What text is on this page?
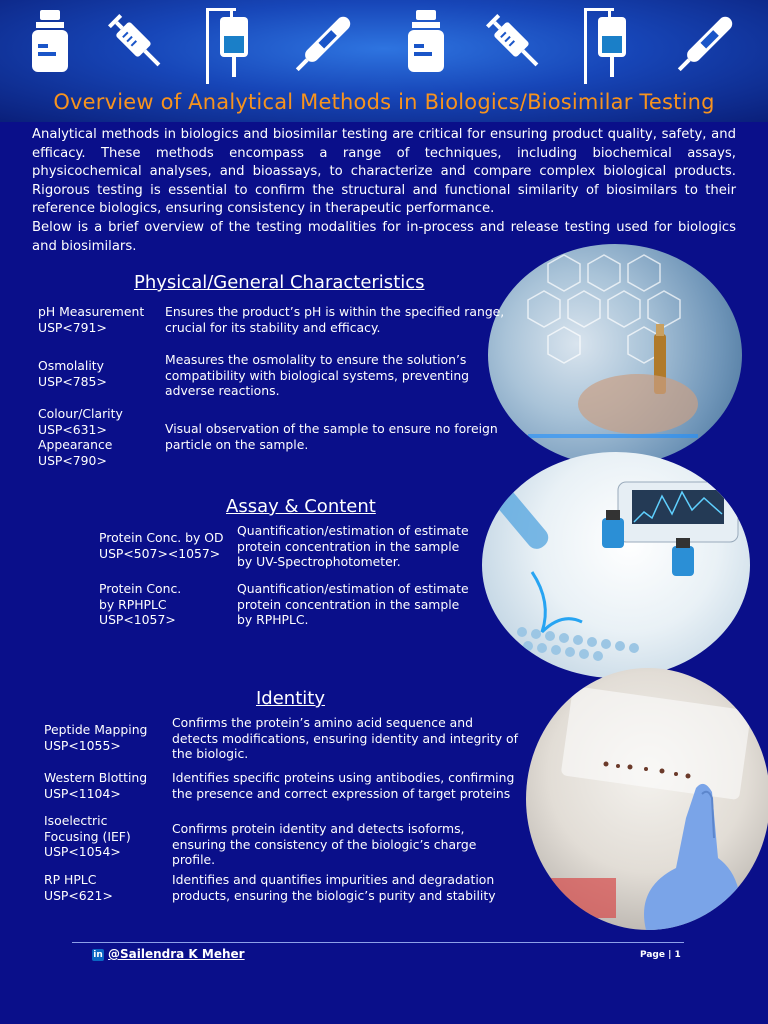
Overview of Analytical Methods in Biologics/Biosimilar Testing

Analytical methods in biologics and biosimilar testing are critical for ensuring product quality, safety, and efficacy. These methods encompass a range of techniques, including biochemical assays, physicochemical analyses, and bioassays, to characterize and compare complex biological products. Rigorous testing is essential to confirm the structural and functional similarity of biosimilars to their reference biologics, ensuring consistency in therapeutic performance.

Below is a brief overview of the testing modalities for in-process and release testing used for biologics and biosimilars.

Physical/General Characteristics
pH Measurement
USP<791>
Ensures the product’s pH is within the specified range, crucial for its stability and efficacy.
Osmolality
USP<785>
Measures the osmolality to ensure the solution’s compatibility with biological systems, preventing adverse reactions.
Colour/Clarity
USP<631>
Appearance
USP<790>
Visual observation of the sample to ensure no foreign particle on the sample.
Assay & Content
Protein Conc. by OD
USP<507><1057>
Quantification/estimation of estimate protein concentration in the sample by UV-Spectrophotometer.
Protein Conc.
by RPHPLC
USP<1057>
Quantification/estimation of estimate protein concentration in the sample by RPHPLC.
Identity
Peptide Mapping
USP<1055>
Confirms the protein’s amino acid sequence and detects modifications, ensuring identity and integrity of the biologic.
Western Blotting
USP<1104>
Identifies specific proteins using antibodies, confirming the presence and correct expression of target proteins
Isoelectric
Focusing (IEF)
USP<1054>
Confirms protein identity and detects isoforms, ensuring the consistency of the biologic’s charge profile.
RP HPLC
USP<621>
Identifies and quantifies impurities and degradation products, ensuring the biologic’s purity and stability
in @Sailendra K Meher	Page | 1
